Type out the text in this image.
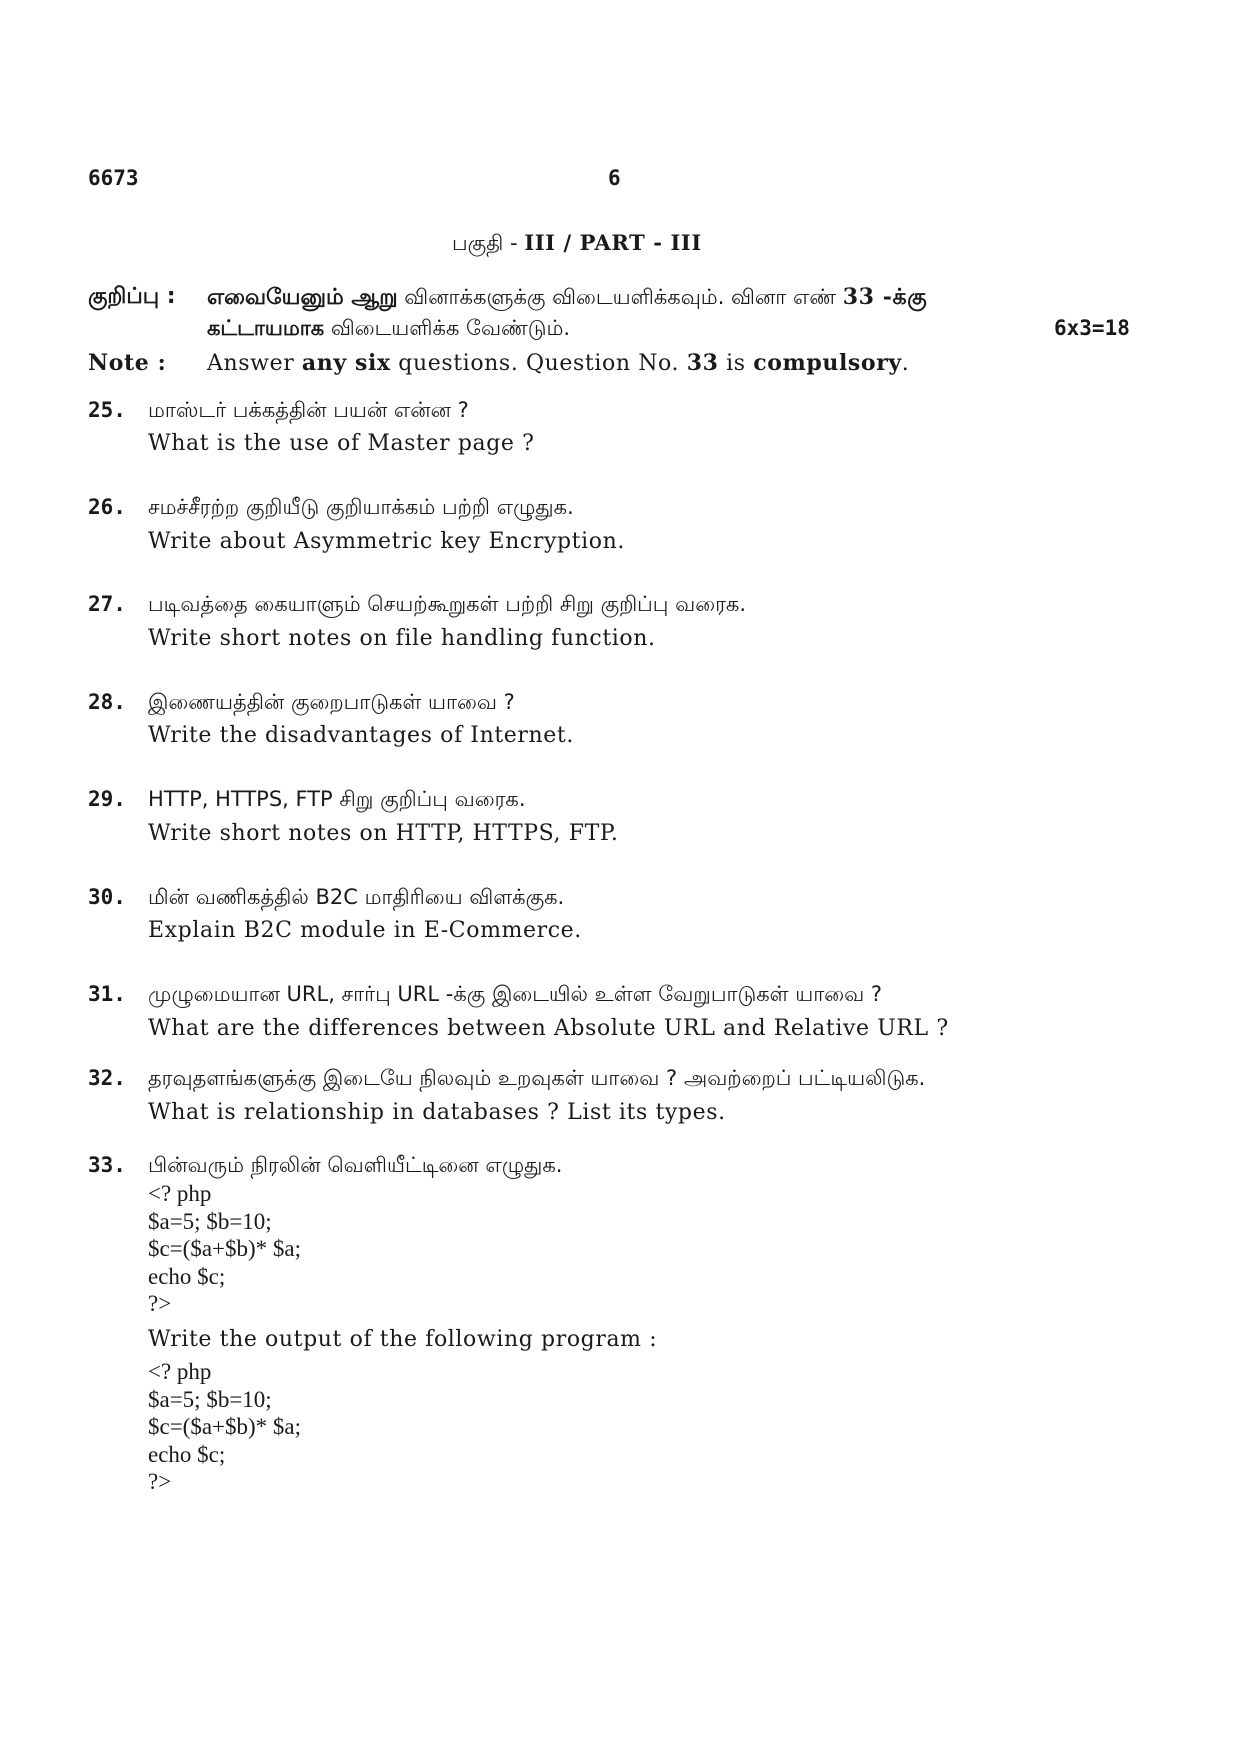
6673	6
பகுதி - III / PART - III
குறிப்பு : எவையேனும் ஆறு வினாக்களுக்கு விடையளிக்கவும். வினா எண் 33 -க்கு
கட்டாயமாக விடையளிக்க வேண்டும்.	6x3=18
Note : Answer any six questions. Question No. 33 is compulsory.
25. மாஸ்டர் பக்கத்தின் பயன் என்ன ?
What is the use of Master page ?
26. சமச்சீரற்ற குறியீடு குறியாக்கம் பற்றி எழுதுக.
Write about Asymmetric key Encryption.
27. படிவத்தை கையாளும் செயற்கூறுகள் பற்றி சிறு குறிப்பு வரைக.
Write short notes on file handling function.
28. இணையத்தின் குறைபாடுகள் யாவை ?
Write the disadvantages of Internet.
29. HTTP, HTTPS, FTP சிறு குறிப்பு வரைக.
Write short notes on HTTP, HTTPS, FTP.
30. மின் வணிகத்தில் B2C மாதிரியை விளக்குக.
Explain B2C module in E-Commerce.
31. முழுமையான URL, சார்பு URL -க்கு இடையில் உள்ள வேறுபாடுகள் யாவை ?
What are the differences between Absolute URL and Relative URL ?
32. தரவுதளங்களுக்கு இடையே நிலவும் உறவுகள் யாவை ? அவற்றைப் பட்டியலிடுக.
What is relationship in databases ? List its types.
33. பின்வரும் நிரலின் வெளியீட்டினை எழுதுக.
<? php
$a=5; $b=10;
$c=($a+$b)* $a;
echo $c;
?>
Write the output of the following program :
<? php
$a=5; $b=10;
$c=($a+$b)* $a;
echo $c;
?>
